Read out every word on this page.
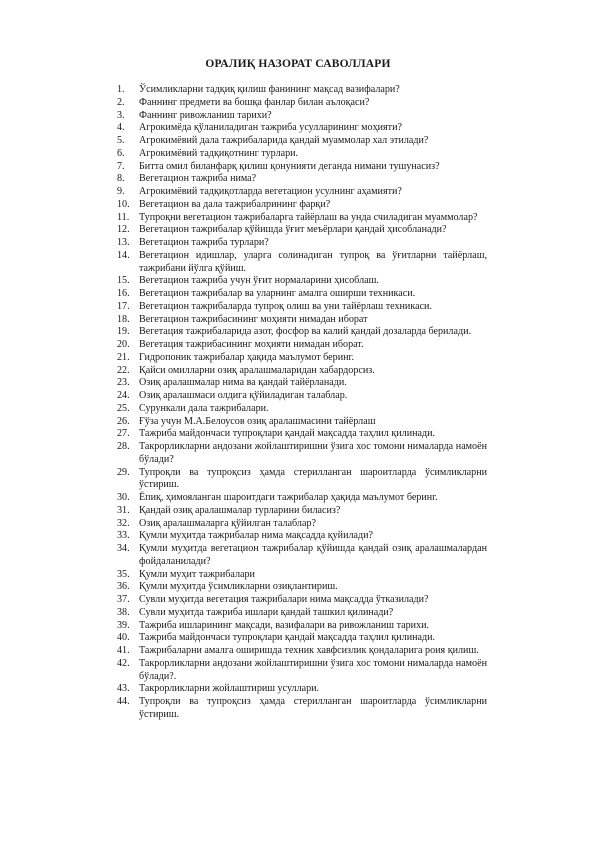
ОРАЛИҚ НАЗОРАТ САВОЛЛАРИ
1.	Ўсимликларни тадқиқ қилиш фанининг мақсад вазифалари?
2.	Фаннинг предмети ва бошқа фанлар билан аълоқаси?
3.	Фаннинг ривожланиш тарихи?
4.	Агрокимёда қўланиладиган тажриба усулларининг моҳияти?
5.	Агрокимёвий дала тажрибаларида қандай муаммолар хал этилади?
6.	Агрокимёвий тадқиқотнинг турлари.
7.	Битта омил биланфарқ қилиш қонунияти деганда нимани тушунасиз?
8.	Вегетацион тажриба нима?
9.	Агрокимёвий тадқиқотларда вегетацион усулнинг аҳамияти?
10. Вегетацион ва дала тажрибалрининг фарқи?
11. Тупроқни вегетацион тажрибаларга тайёрлаш ва унда счиладиган муаммолар?
12. Вегетацион тажрибалар қўйишда ўғит меъёрлари қандай ҳисобланади?
13. Вегетацион тажриба турлари?
14. Вегетацион идишлар, уларга солинадиган тупроқ ва ўғитларни тайёрлаш, тажрибани йўлга қўйиш.
15. Вегетацион тажриба учун ўғит нормаларини ҳисоблаш.
16. Вегетацион тажрибалар ва уларнинг амалга оширши техникаси.
17. Вегетацион тажрибаларда тупроқ олиш ва уни тайёрлаш техникаси.
18. Вегетацион тажрибасининг моҳияти нимадан иборат
19. Вегетация тажрибаларида азот, фосфор ва калий қандай дозаларда берилади.
20. Вегетация тажрибасининг моҳияти нимадан иборат.
21. Гидропоник тажрибалар ҳақида маълумот беринг.
22. Қайси омилларни озиқ аралашмаларидан хабардорсиз.
23. Озиқ аралашмалар нима ва қандай тайёрланади.
24. Озиқ аралашмаси олдига қўйиладиган талаблар.
25. Сурункали дала тажрибалари.
26. Ғўза учун М.А.Белоусов озиқ аралашмасини тайёрлаш
27. Тажриба майдончаси тупроқлари қандай мақсадда таҳлил қилинади.
28. Такрорликларни андозани жойлаштиришни ўзига хос томони нималарда намоён бўлади?
29. Тупроқли ва тупроқсиз ҳамда стерилланган шароитларда ўсимликларни ўстириш.
30. Ёпиқ, ҳимояланган шароитдаги тажрибалар ҳақида маълумот беринг.
31. Қандай озиқ аралашмалар турларини биласиз?
32. Озиқ аралашмаларга қўйилган талаблар?
33. Қумли муҳитда тажрибалар нима мақсадда қуйилади?
34. Қумли муҳитда вегетацион тажрибалар қўйишда қандай озиқ аралашмалардан фойдаланилади?
35. Қумли муҳит тажрибалари
36. Қумли муҳитда ўсимликларни озиқлантириш.
37. Сувли муҳитда вегетация тажрибалари нима мақсадда ўтказилади?
38. Сувли муҳитда тажриба ишлари қандай ташкил қилинади?
39. Тажриба ишларининг мақсади, вазифалари ва ривожланиш тарихи.
40. Тажриба майдончаси тупроқлари қандай мақсадда таҳлил қилинади.
41. Тажрибаларни амалга оширишда техник хавфсизлик қондаларига роия қилиш.
42. Такрорликларни андозани жойлаштиришни ўзига хос томони нималарда намоён бўлади?.
43. Такрорликларни жойлаштириш усуллари.
44. Тупроқли ва тупроқсиз ҳамда стерилланган шароитларда ўсимликларни ўстириш.
